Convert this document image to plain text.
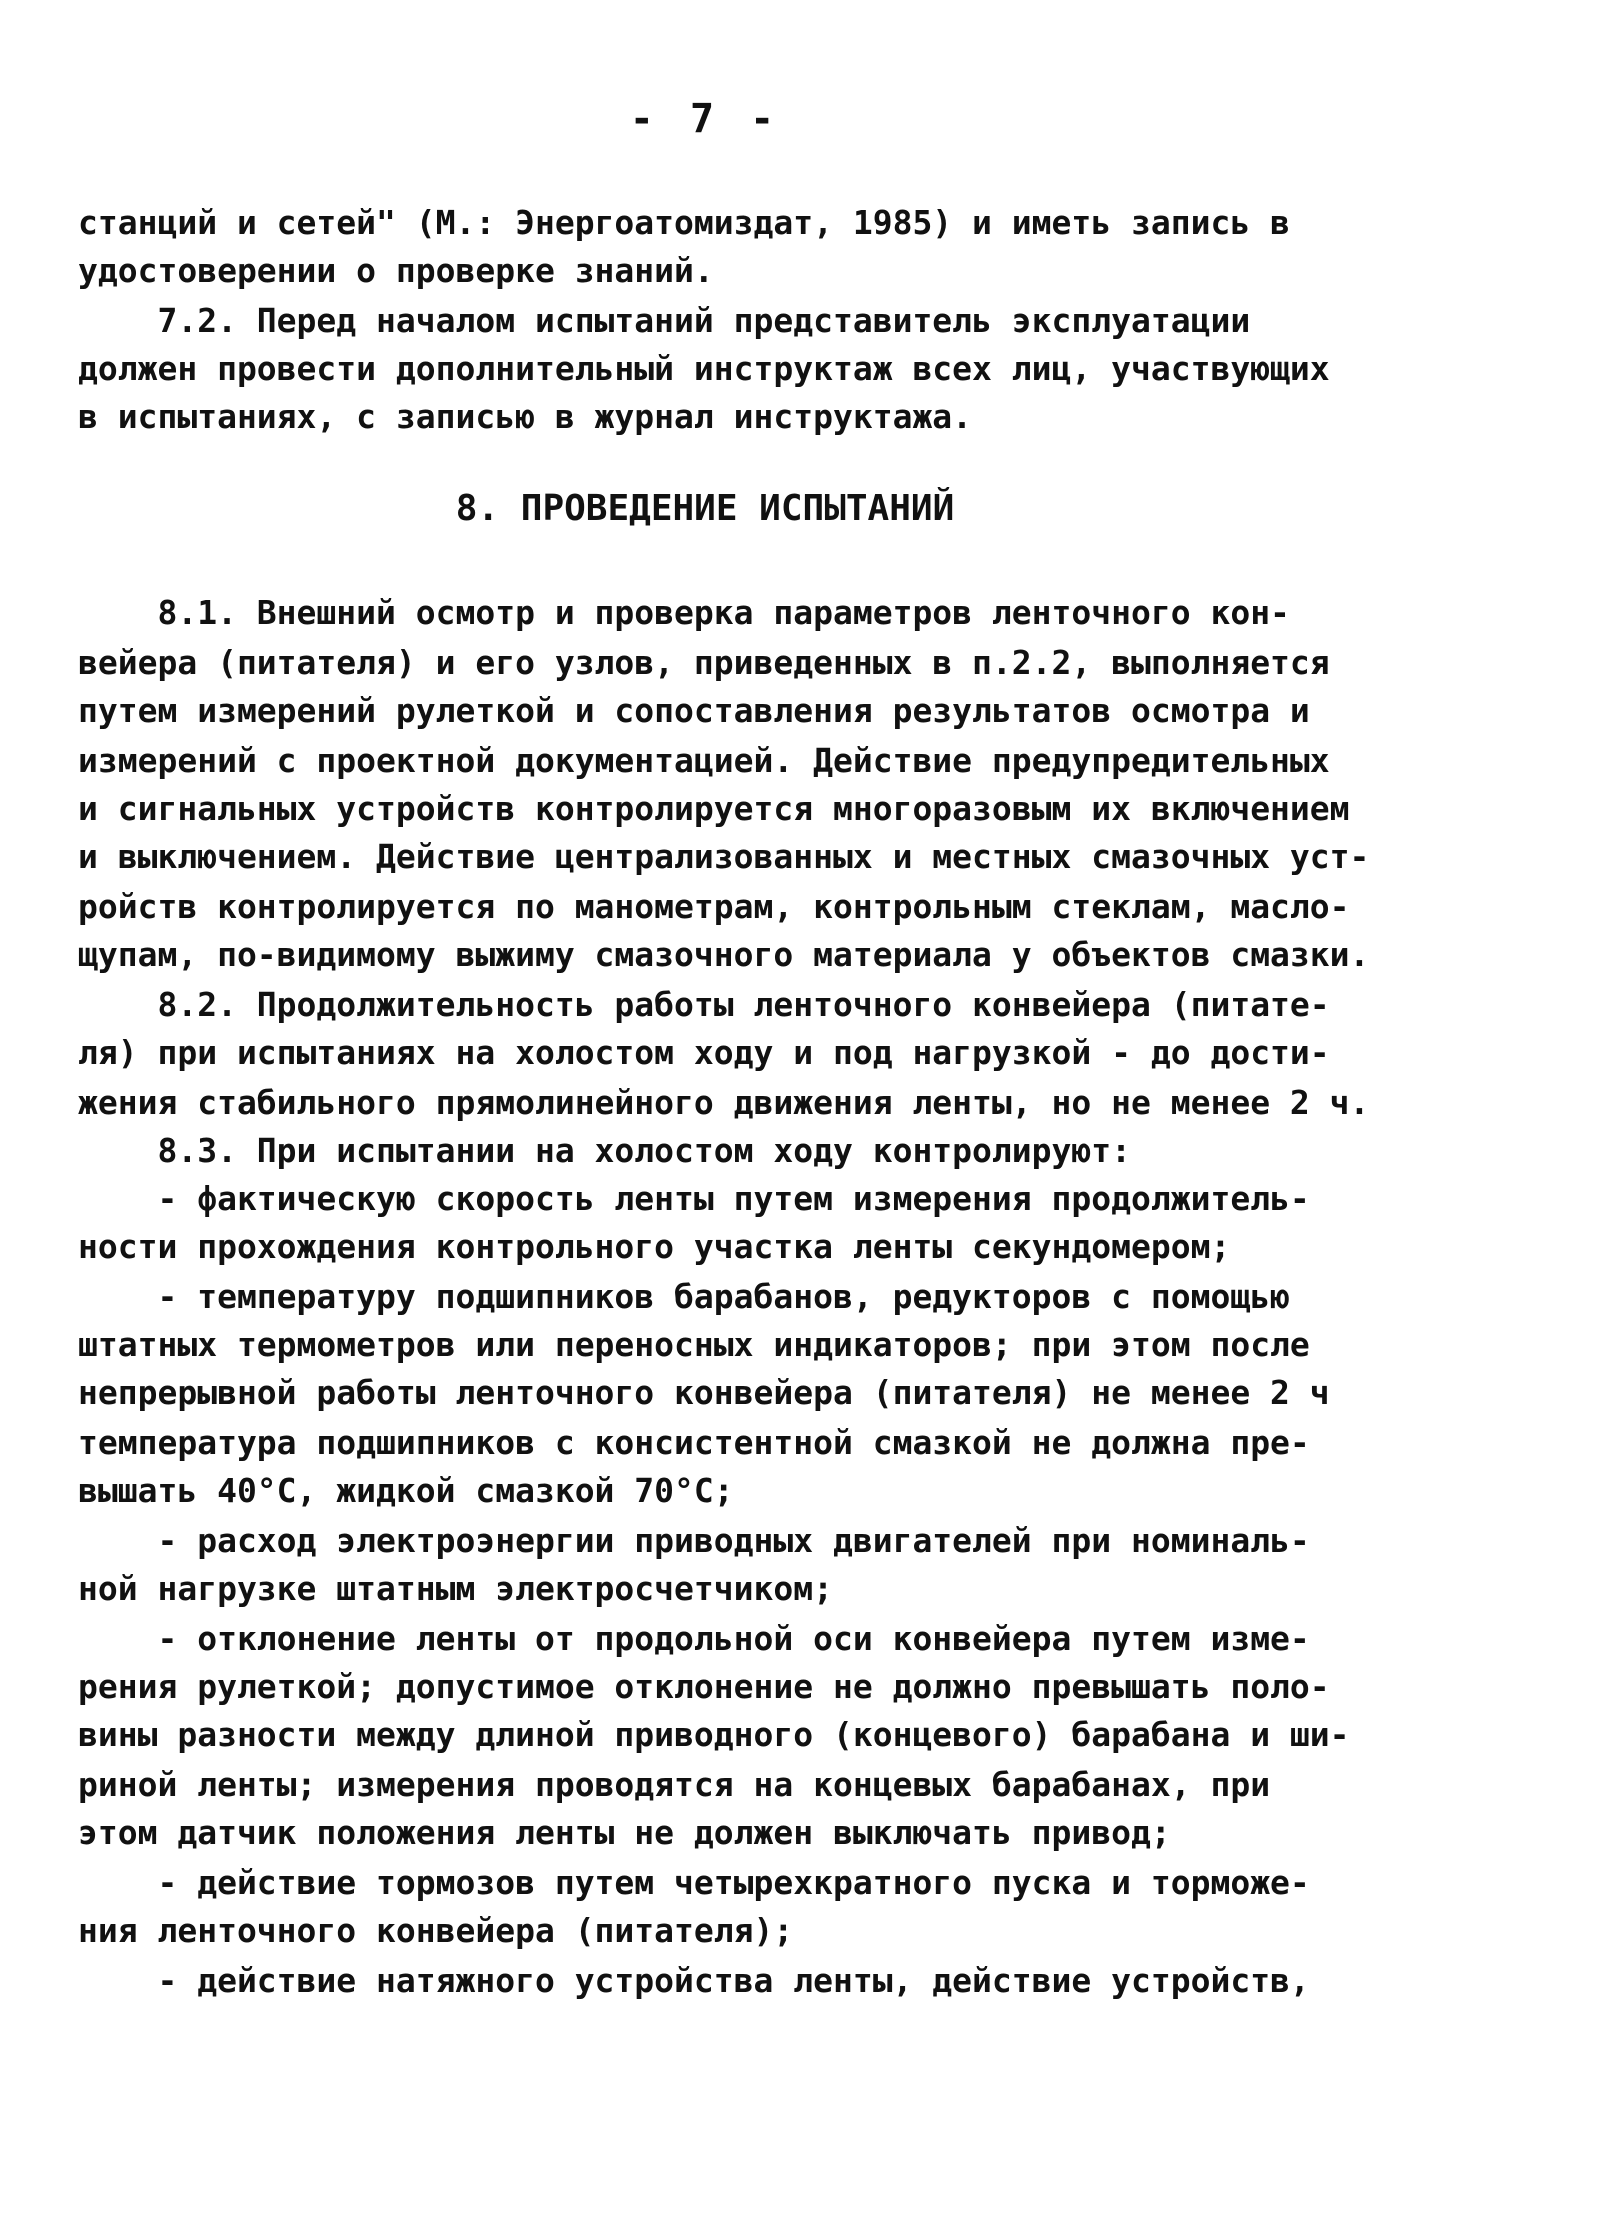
- 7 -
станций и сетей" (М.: Энергоатомиздат, 1985) и иметь запись в
удостоверении о проверке знаний.
7.2. Перед началом испытаний представитель эксплуатации
должен провести дополнительный инструктаж всех лиц, участвующих
в испытаниях, с записью в журнал инструктажа.
8. ПРОВЕДЕНИЕ ИСПЫТАНИЙ
8.1. Внешний осмотр и проверка параметров ленточного кон-
вейера (питателя) и его узлов, приведенных в п.2.2, выполняется
путем измерений рулеткой и сопоставления результатов осмотра и
измерений с проектной документацией. Действие предупредительных
и сигнальных устройств контролируется многоразовым их включением
и выключением. Действие централизованных и местных смазочных уст-
ройств контролируется по манометрам, контрольным стеклам, масло-
щупам, по-видимому выжиму смазочного материала у объектов смазки.
8.2. Продолжительность работы ленточного конвейера (питате-
ля) при испытаниях на холостом ходу и под нагрузкой - до дости-
жения стабильного прямолинейного движения ленты, но не менее 2 ч.
8.3. При испытании на холостом ходу контролируют:
- фактическую скорость ленты путем измерения продолжитель-
ности прохождения контрольного участка ленты секундомером;
- температуру подшипников барабанов, редукторов с помощью
штатных термометров или переносных индикаторов; при этом после
непрерывной работы ленточного конвейера (питателя) не менее 2 ч
температура подшипников с консистентной смазкой не должна пре-
вышать 40°С, жидкой смазкой 70°С;
- расход электроэнергии приводных двигателей при номиналь-
ной нагрузке штатным электросчетчиком;
- отклонение ленты от продольной оси конвейера путем изме-
рения рулеткой; допустимое отклонение не должно превышать поло-
вины разности между длиной приводного (концевого) барабана и ши-
риной ленты; измерения проводятся на концевых барабанах, при
этом датчик положения ленты не должен выключать привод;
- действие тормозов путем четырехкратного пуска и торможе-
ния ленточного конвейера (питателя);
- действие натяжного устройства ленты, действие устройств,
